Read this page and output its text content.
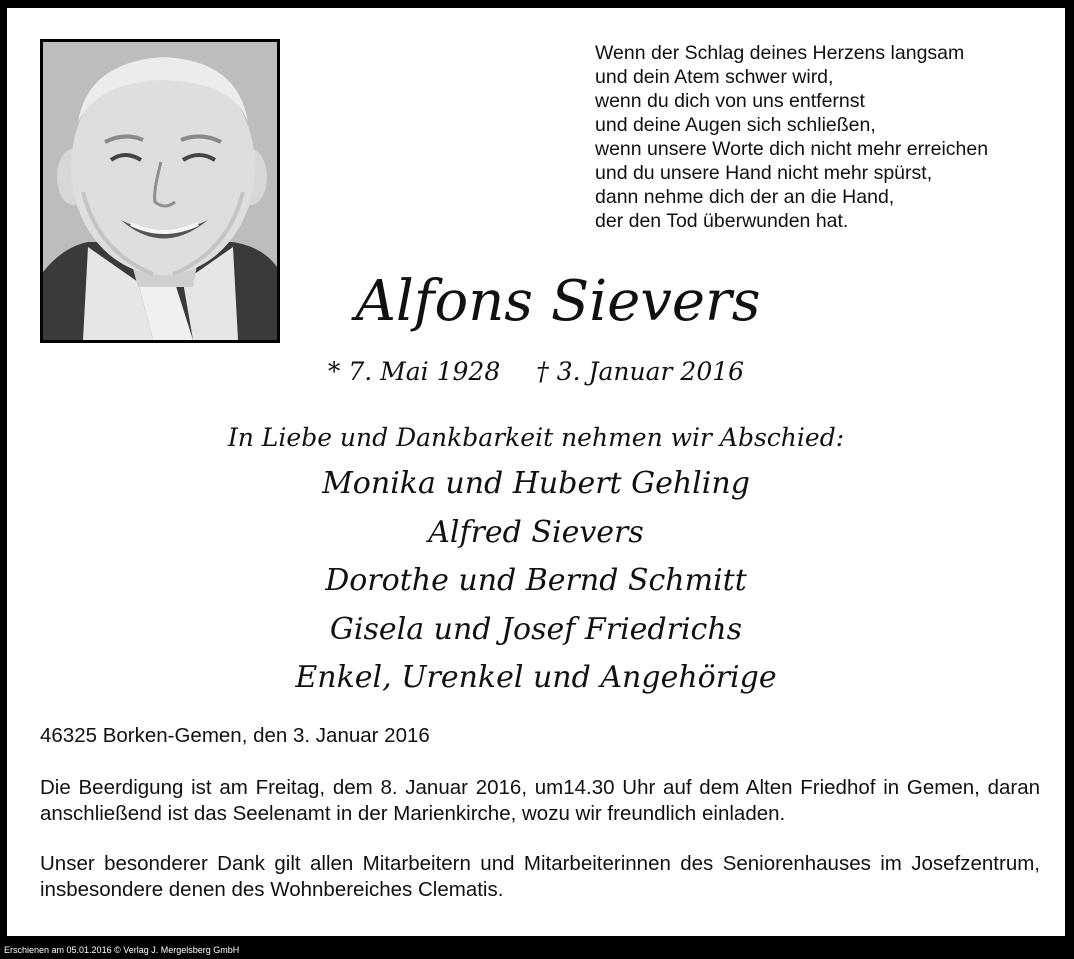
Wenn der Schlag deines Herzens langsam
und dein Atem schwer wird,
wenn du dich von uns entfernst
und deine Augen sich schließen,
wenn unsere Worte dich nicht mehr erreichen
und du unsere Hand nicht mehr spürst,
dann nehme dich der an die Hand,
der den Tod überwunden hat.
Alfons Sievers
* 7. Mai 1928 † 3. Januar 2016
In Liebe und Dankbarkeit nehmen wir Abschied:
Monika und Hubert Gehling
Alfred Sievers
Dorothe und Bernd Schmitt
Gisela und Josef Friedrichs
Enkel, Urenkel und Angehörige
46325 Borken-Gemen, den 3. Januar 2016
Die Beerdigung ist am Freitag, dem 8. Januar 2016, um14.30 Uhr auf dem Alten Friedhof in Gemen, daran anschließend ist das Seelenamt in der Marienkirche, wozu wir freundlich einladen.
Unser besonderer Dank gilt allen Mitarbeitern und Mitarbeiterinnen des Seniorenhauses im Josefzentrum, insbesondere denen des Wohnbereiches Clematis.
Erschienen am 05.01.2016 © Verlag J. Mergelsberg GmbH
